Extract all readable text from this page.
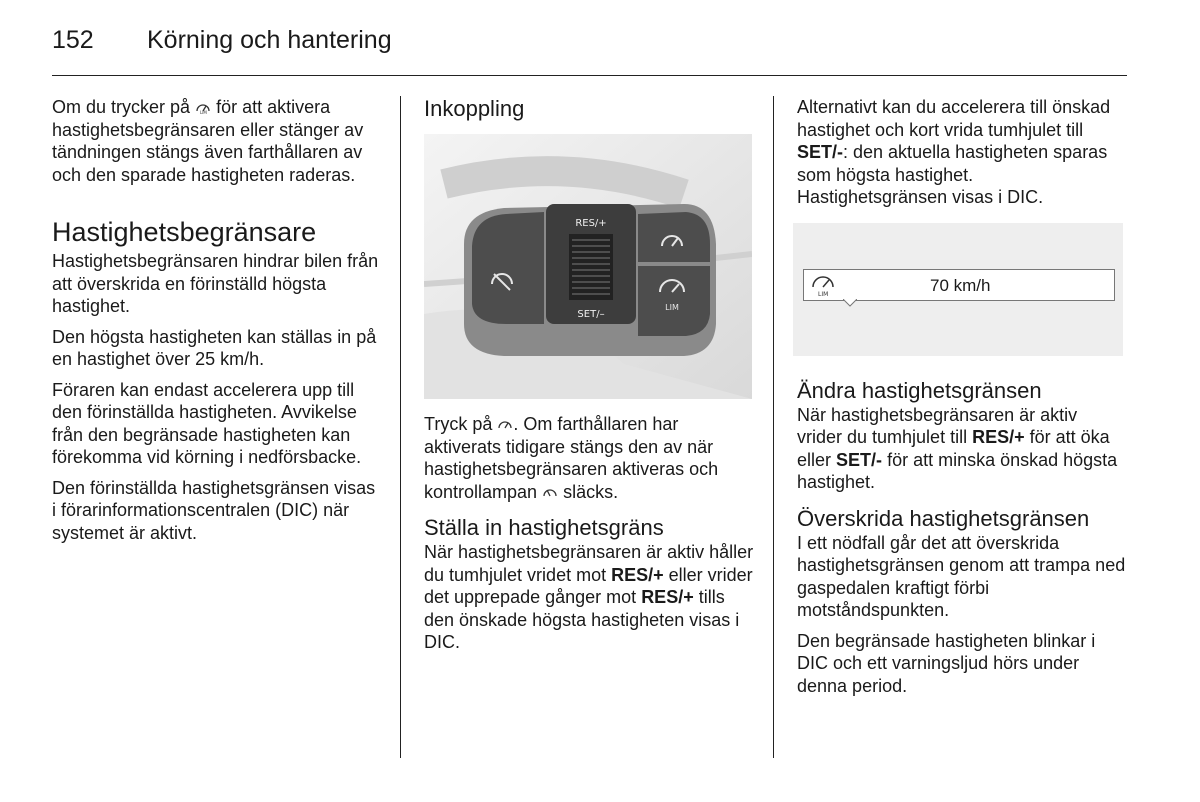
152 Körning och hantering

Om du trycker på	LIM för att aktivera hastighetsbegränsaren eller stänger av tändningen stängs även farthållaren av och den sparade hastigheten raderas.

Hastighetsbegränsare

Hastighetsbegränsaren hindrar bilen från att överskrida en förinställd högsta hastighet.

Den högsta hastigheten kan ställas in på en hastighet över 25 km/h.

Föraren kan endast accelerera upp till den förinställda hastigheten. Avvikelse från den begränsade hastigheten kan förekomma vid körning i nedförsbacke.

Den förinställda hastighetsgränsen visas i förarinformationscentralen (DIC) när systemet är aktivt.

Inkoppling
LIM
RES/+
SET/–

Tryck på . Om farthållaren har aktiverats tidigare stängs den av när hastighetsbegränsaren aktiveras och kontrollampan släcks.

Ställa in hastighetsgräns

När hastighetsbegränsaren är aktiv håller du tumhjulet vridet mot RES/+ eller vrider det upprepade gånger mot RES/+ tills den önskade högsta hastigheten visas i DIC.

Alternativt kan du accelerera till önskad hastighet och kort vrida tumhjulet till SET/-: den aktuella hastigheten sparas som högsta hastighet. Hastighetsgränsen visas i DIC.

LIM	70 km/h
Ändra hastighetsgränsen

När hastighetsbegränsaren är aktiv vrider du tumhjulet till RES/+ för att öka eller SET/- för att minska önskad högsta hastighet.

Överskrida hastighetsgränsen

I ett nödfall går det att överskrida hastighetsgränsen genom att trampa ned gaspedalen kraftigt förbi motståndspunkten.

Den begränsade hastigheten blinkar i DIC och ett varningsljud hörs under denna period.
